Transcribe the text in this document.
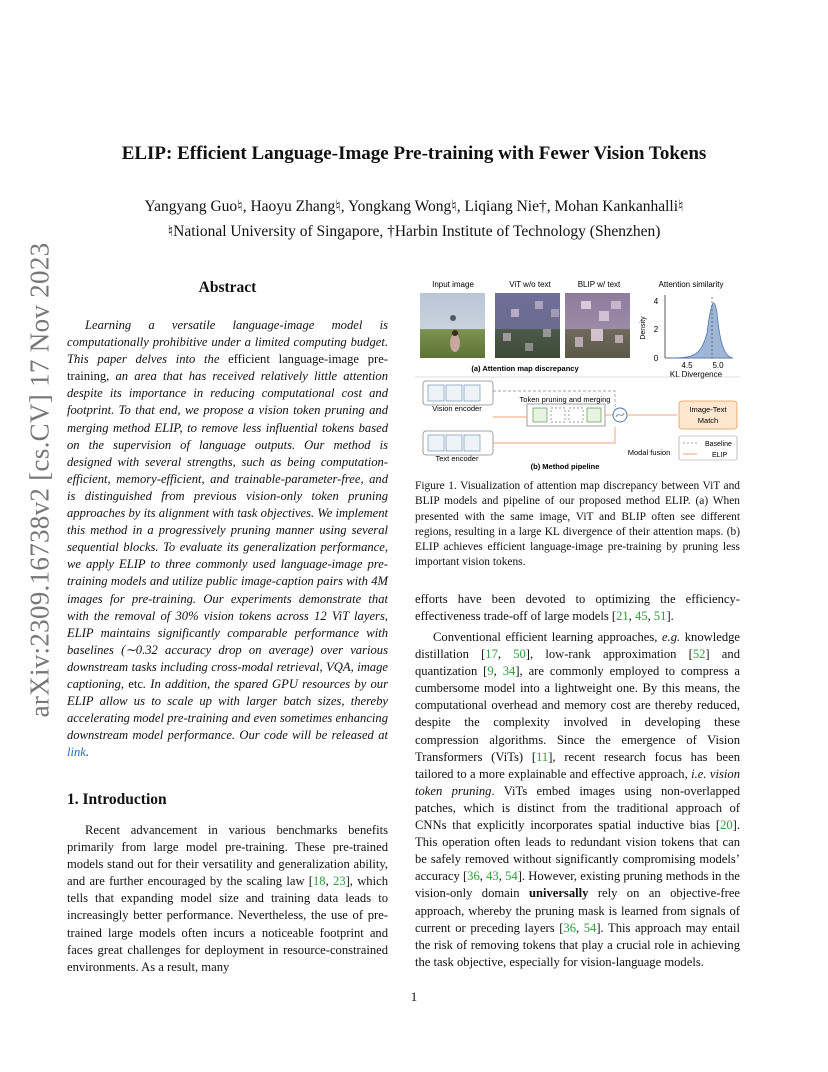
arXiv:2309.16738v2 [cs.CV] 17 Nov 2023
ELIP: Efficient Language-Image Pre-training with Fewer Vision Tokens
Yangyang Guo♮, Haoyu Zhang♮, Yongkang Wong♮, Liqiang Nie†, Mohan Kankanhalli♮
♮National University of Singapore, †Harbin Institute of Technology (Shenzhen)
Abstract
Learning a versatile language-image model is computationally prohibitive under a limited computing budget. This paper delves into the efficient language-image pre-training, an area that has received relatively little attention despite its importance in reducing computational cost and footprint. To that end, we propose a vision token pruning and merging method ELIP, to remove less influential tokens based on the supervision of language outputs. Our method is designed with several strengths, such as being computation-efficient, memory-efficient, and trainable-parameter-free, and is distinguished from previous vision-only token pruning approaches by its alignment with task objectives. We implement this method in a progressively pruning manner using several sequential blocks. To evaluate its generalization performance, we apply ELIP to three commonly used language-image pre-training models and utilize public image-caption pairs with 4M images for pre-training. Our experiments demonstrate that with the removal of 30% vision tokens across 12 ViT layers, ELIP maintains significantly comparable performance with baselines (∼0.32 accuracy drop on average) over various downstream tasks including cross-modal retrieval, VQA, image captioning, etc. In addition, the spared GPU resources by our ELIP allow us to scale up with larger batch sizes, thereby accelerating model pre-training and even sometimes enhancing downstream model performance. Our code will be released at link.
1. Introduction
Recent advancement in various benchmarks benefits primarily from large model pre-training. These pre-trained models stand out for their versatility and generalization ability, and are further encouraged by the scaling law [18, 23], which tells that expanding model size and training data leads to increasingly better performance. Nevertheless, the use of pre-trained large models often incurs a noticeable footprint and faces great challenges for deployment in resource-constrained environments. As a result, many
Input image	ViT w/o text	BLIP w/ text	Attention similarity
4
2
0
Density
4.5 5.0
KL Divergence
(a) Attention map discrepancy
Vision encoder
Text encoder
Token pruning and merging
Modal fusion
Image-Text
Match
Baseline
ELIP
(b) Method pipeline
Figure 1. Visualization of attention map discrepancy between ViT and BLIP models and pipeline of our proposed method ELIP. (a) When presented with the same image, ViT and BLIP often see different regions, resulting in a large KL divergence of their attention maps. (b) ELIP achieves efficient language-image pre-training by pruning less important vision tokens.
efforts have been devoted to optimizing the efficiency-effectiveness trade-off of large models [21, 45, 51].
Conventional efficient learning approaches, e.g. knowledge distillation [17, 50], low-rank approximation [52] and quantization [9, 34], are commonly employed to compress a cumbersome model into a lightweight one. By this means, the computational overhead and memory cost are thereby reduced, despite the complexity involved in developing these compression algorithms. Since the emergence of Vision Transformers (ViTs) [11], recent research focus has been tailored to a more explainable and effective approach, i.e. vision token pruning. ViTs embed images using non-overlapped patches, which is distinct from the traditional approach of CNNs that explicitly incorporates spatial inductive bias [20]. This operation often leads to redundant vision tokens that can be safely removed without significantly compromising models’ accuracy [36, 43, 54]. However, existing pruning methods in the vision-only domain universally rely on an objective-free approach, whereby the pruning mask is learned from signals of current or preceding layers [36, 54]. This approach may entail the risk of removing tokens that play a crucial role in achieving the task objective, especially for vision-language models.
1
